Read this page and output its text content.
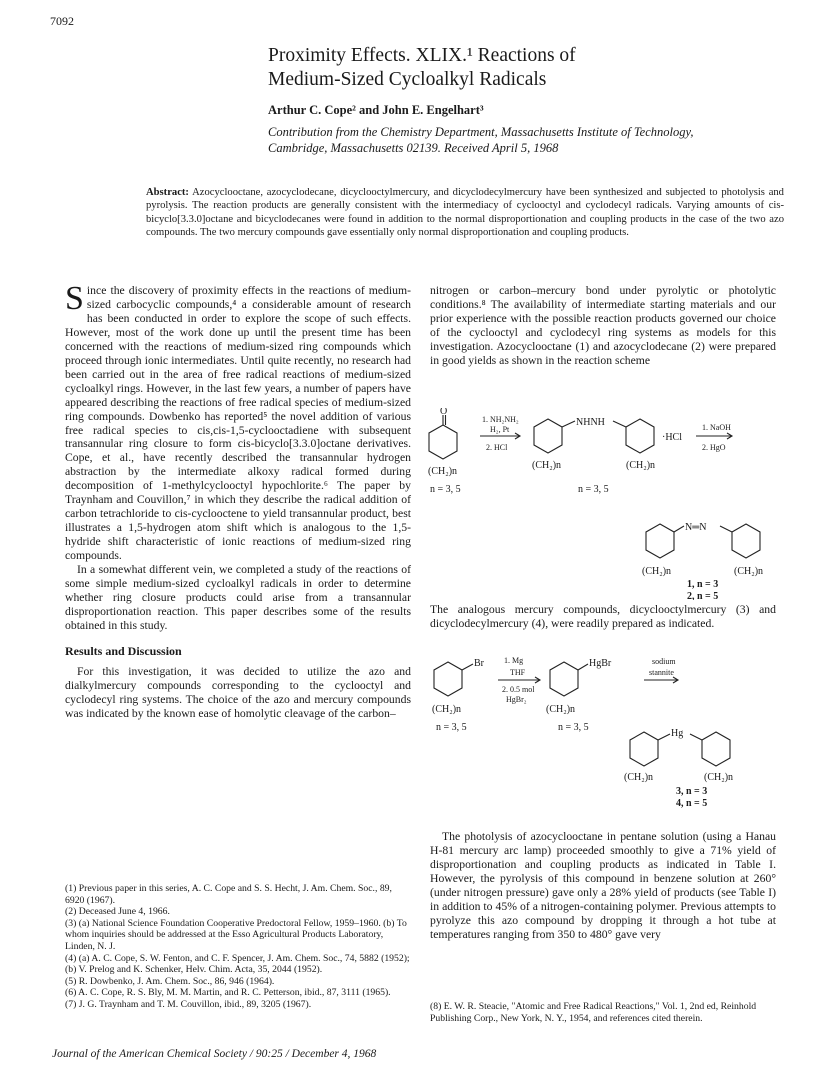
7092
Proximity Effects. XLIX.¹ Reactions of
Medium-Sized Cycloalkyl Radicals
Arthur C. Cope² and John E. Engelhart³
Contribution from the Chemistry Department, Massachusetts Institute of Technology,
Cambridge, Massachusetts 02139. Received April 5, 1968
Abstract: Azocyclooctane, azocyclodecane, dicyclooctylmercury, and dicyclodecylmercury have been synthesized and subjected to photolysis and pyrolysis. The reaction products are generally consistent with the intermediacy of cyclooctyl and cyclodecyl radicals. Varying amounts of cis-bicyclo[3.3.0]octane and bicyclodecanes were found in addition to the normal disproportionation and coupling products in the case of the two azo compounds. The two mercury compounds gave essentially only normal disproportionation and coupling products.

Since the discovery of proximity effects in the reactions of medium-sized carbocyclic compounds,⁴ a considerable amount of research has been conducted in order to explore the scope of such effects. However, most of the work done up until the present time has been concerned with the reactions of medium-sized ring compounds which proceed through ionic intermediates. Until quite recently, no research had been carried out in the area of free radical reactions of medium-sized cycloalkyl rings. However, in the last few years, a number of papers have appeared describing the reactions of free radical species of medium-sized ring compounds. Dowbenko has reported⁵ the novel addition of various free radical species to cis,cis-1,5-cyclooctadiene with subsequent transannular ring closure to form cis-bicyclo[3.3.0]octane derivatives. Cope, et al., have recently described the transannular hydrogen abstraction by the intermediate alkoxy radical formed during decomposition of 1-methylcyclooctyl hypochlorite.⁶ The paper by Traynham and Couvillon,⁷ in which they describe the radical addition of carbon tetrachloride to cis-cyclooctene to yield transannular product, best illustrates a 1,5-hydrogen atom shift which is analogous to the 1,5-hydride shift characteristic of ionic reactions of medium-sized ring compounds.

In a somewhat different vein, we completed a study of the reactions of some simple medium-sized cycloalkyl radicals in order to determine whether ring closure products could arise from a transannular disproportionation reaction. This paper describes some of the results obtained in this study.

Results and Discussion

For this investigation, it was decided to utilize the azo and dialkylmercury compounds corresponding to the cyclooctyl and cyclodecyl ring systems. The choice of the azo and mercury compounds was indicated by the known ease of homolytic cleavage of the carbon–

(1) Previous paper in this series, A. C. Cope and S. S. Hecht, J. Am. Chem. Soc., 89, 6920 (1967).

(2) Deceased June 4, 1966.

(3) (a) National Science Foundation Cooperative Predoctoral Fellow, 1959–1960. (b) To whom inquiries should be addressed at the Esso Agricultural Products Laboratory, Linden, N. J.

(4) (a) A. C. Cope, S. W. Fenton, and C. F. Spencer, J. Am. Chem. Soc., 74, 5882 (1952); (b) V. Prelog and K. Schenker, Helv. Chim. Acta, 35, 2044 (1952).

(5) R. Dowbenko, J. Am. Chem. Soc., 86, 946 (1964).

(6) A. C. Cope, R. S. Bly, M. M. Martin, and R. C. Petterson, ibid., 87, 3111 (1965).

(7) J. G. Traynham and T. M. Couvillon, ibid., 89, 3205 (1967).

nitrogen or carbon–mercury bond under pyrolytic or photolytic conditions.⁸ The availability of intermediate starting materials and our prior experience with the possible reaction products governed our choice of the cyclooctyl and cyclodecyl ring systems as models for this investigation. Azocyclooctane (1) and azocyclodecane (2) were prepared in good yields as shown in the reaction scheme
O
(CH₂)n
n = 3, 5
1. NH₂NH₂
H₂, Pt
2. HCl
NHNH
(CH₂)n	(CH₂)n
·HCl
n = 3, 5
1. NaOH
2. HgO
N═N
(CH₂)n	(CH₂)n
1, n = 3
2, n = 5
The analogous mercury compounds, dicyclooctylmercury (3) and dicyclodecylmercury (4), were readily prepared as indicated.
Br
(CH₂)n
n = 3, 5
1. Mg
THF
2. 0.5 mol
HgBr₂
HgBr
(CH₂)n
n = 3, 5
sodium
stannite
Hg
(CH₂)n	(CH₂)n
3, n = 3
4, n = 5
The photolysis of azocyclooctane in pentane solution (using a Hanau H-81 mercury arc lamp) proceeded smoothly to give a 71% yield of disproportionation and coupling products as indicated in Table I. However, the pyrolysis of this compound in benzene solution at 260° (under nitrogen pressure) gave only a 28% yield of products (see Table I) in addition to 45% of a nitrogen-containing polymer. Previous attempts to pyrolyze this azo compound by dropping it through a hot tube at temperatures ranging from 350 to 480° gave very
(8) E. W. R. Steacie, "Atomic and Free Radical Reactions," Vol. 1, 2nd ed, Reinhold Publishing Corp., New York, N. Y., 1954, and references cited therein.
Journal of the American Chemical Society / 90:25 / December 4, 1968
